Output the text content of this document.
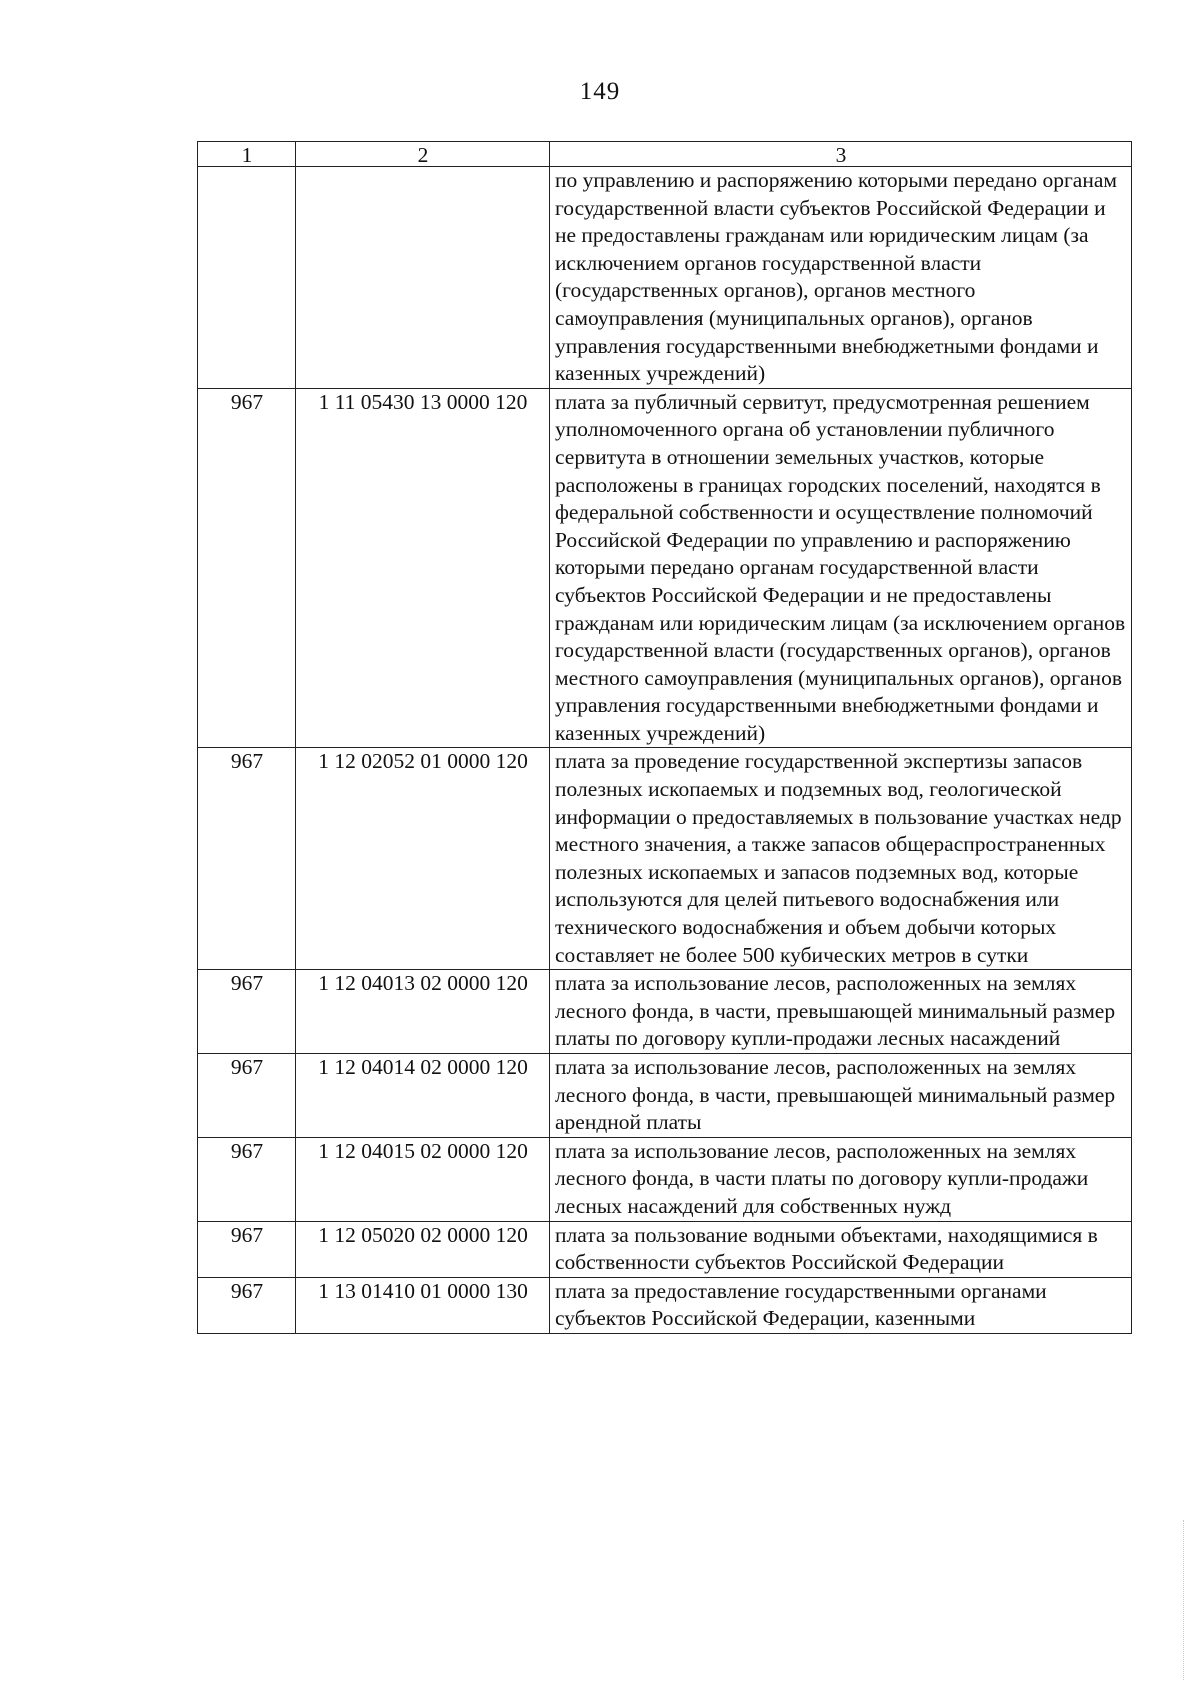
149
1	2	3
		по управлению и распоряжению которыми передано органам государственной власти субъектов Российской Федерации и не предоставлены гражданам или юридическим лицам (за исключением органов государственной власти (государственных органов), органов местного самоуправления (муниципальных органов), органов управления государственными внебюджетными фондами и казенных учреждений)
967	1 11 05430 13 0000 120	плата за публичный сервитут, предусмотренная решением уполномоченного органа об установлении публичного сервитута в отношении земельных участков, которые расположены в границах городских поселений, находятся в федеральной собственности и осуществление полномочий Российской Федерации по управлению и распоряжению которыми передано органам государственной власти субъектов Российской Федерации и не предоставлены гражданам или юридическим лицам (за исключением органов государственной власти (государственных органов), органов местного самоуправления (муниципальных органов), органов управления государственными внебюджетными фондами и казенных учреждений)
967	1 12 02052 01 0000 120	плата за проведение государственной экспертизы запасов полезных ископаемых и подземных вод, геологической информации о предоставляемых в пользование участках недр местного значения, а также запасов общераспространенных полезных ископаемых и запасов подземных вод, которые используются для целей питьевого водоснабжения или технического водоснабжения и объем добычи которых составляет не более 500 кубических метров в сутки
967	1 12 04013 02 0000 120	плата за использование лесов, расположенных на землях лесного фонда, в части, превышающей минимальный размер платы по договору купли-продажи лесных насаждений
967	1 12 04014 02 0000 120	плата за использование лесов, расположенных на землях лесного фонда, в части, превышающей минимальный размер арендной платы
967	1 12 04015 02 0000 120	плата за использование лесов, расположенных на землях лесного фонда, в части платы по договору купли-продажи лесных насаждений для собственных нужд
967	1 12 05020 02 0000 120	плата за пользование водными объектами, находящимися в собственности субъектов Российской Федерации
967	1 13 01410 01 0000 130	плата за предоставление государственными органами субъектов Российской Федерации, казенными
